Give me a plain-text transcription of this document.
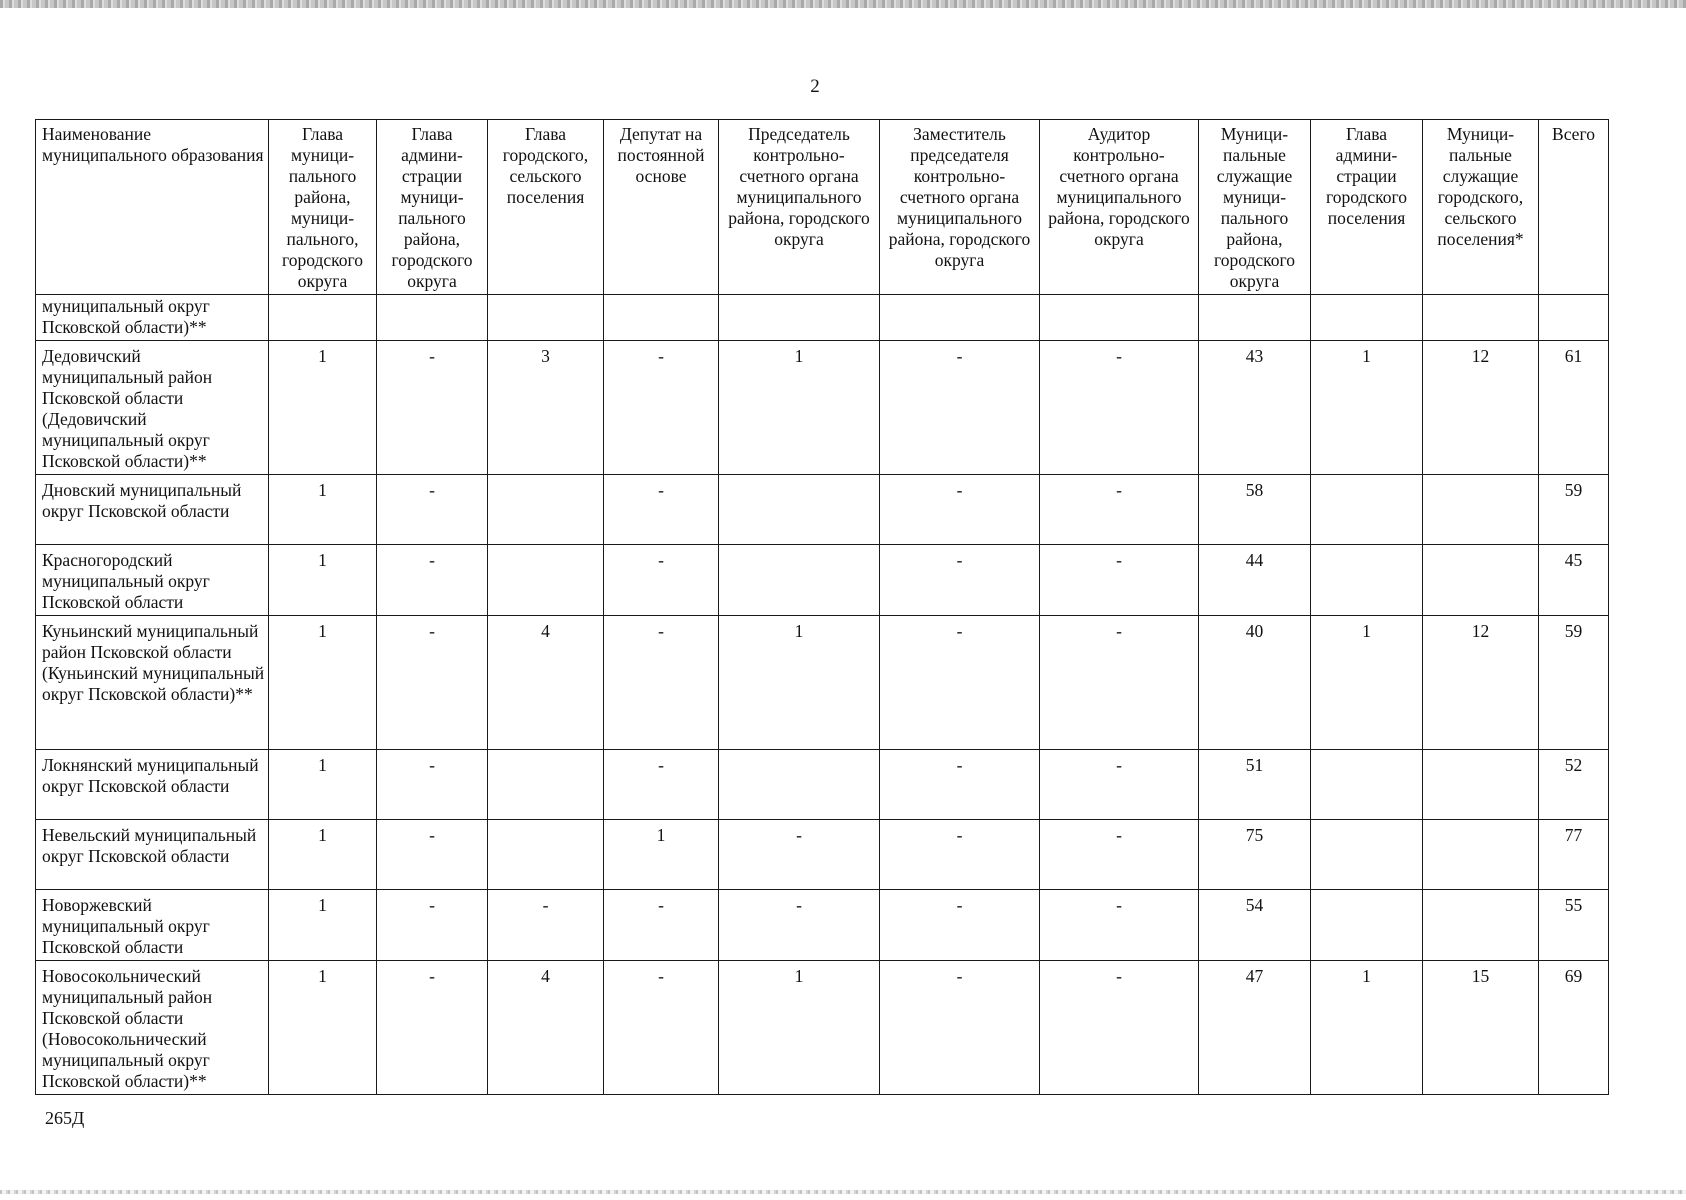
2
Наименование муниципального образования	Глава муници-пального района, муници-пального, городского округа	Глава админи-страции муници-пального района, городского округа	Глава городского, сельского поселения	Депутат на постоянной основе	Председатель контрольно-счетного органа муниципального района, городского округа	Заместитель председателя контрольно-счетного органа муниципального района, городского округа	Аудитор контрольно-счетного органа муниципального района, городского округа	Муници-пальные служащие муници-пального района, городского округа	Глава админи-страции городского поселения	Муници-пальные служащие городского, сельского поселения*	Всего
муниципальный округ Псковской области)**											
Дедовичский муниципальный район Псковской области (Дедовичский муниципальный округ Псковской области)**	1	-	3	-	1	-	-	43	1	12	61
Дновский муниципальный округ Псковской области	1	-		-		-	-	58			59
Красногородский муниципальный округ Псковской области	1	-		-		-	-	44			45
Куньинский муниципальный район Псковской области (Куньинский муниципальный округ Псковской области)**	1	-	4	-	1	-	-	40	1	12	59
Локнянский муниципальный округ Псковской области	1	-		-		-	-	51			52
Невельский муниципальный округ Псковской области	1	-		1	-	-	-	75			77
Новоржевский муниципальный округ Псковской области	1	-	-	-	-	-	-	54			55
Новосокольнический муниципальный район Псковской области (Новосокольнический муниципальный округ Псковской области)**	1	-	4	-	1	-	-	47	1	15	69
265Д
